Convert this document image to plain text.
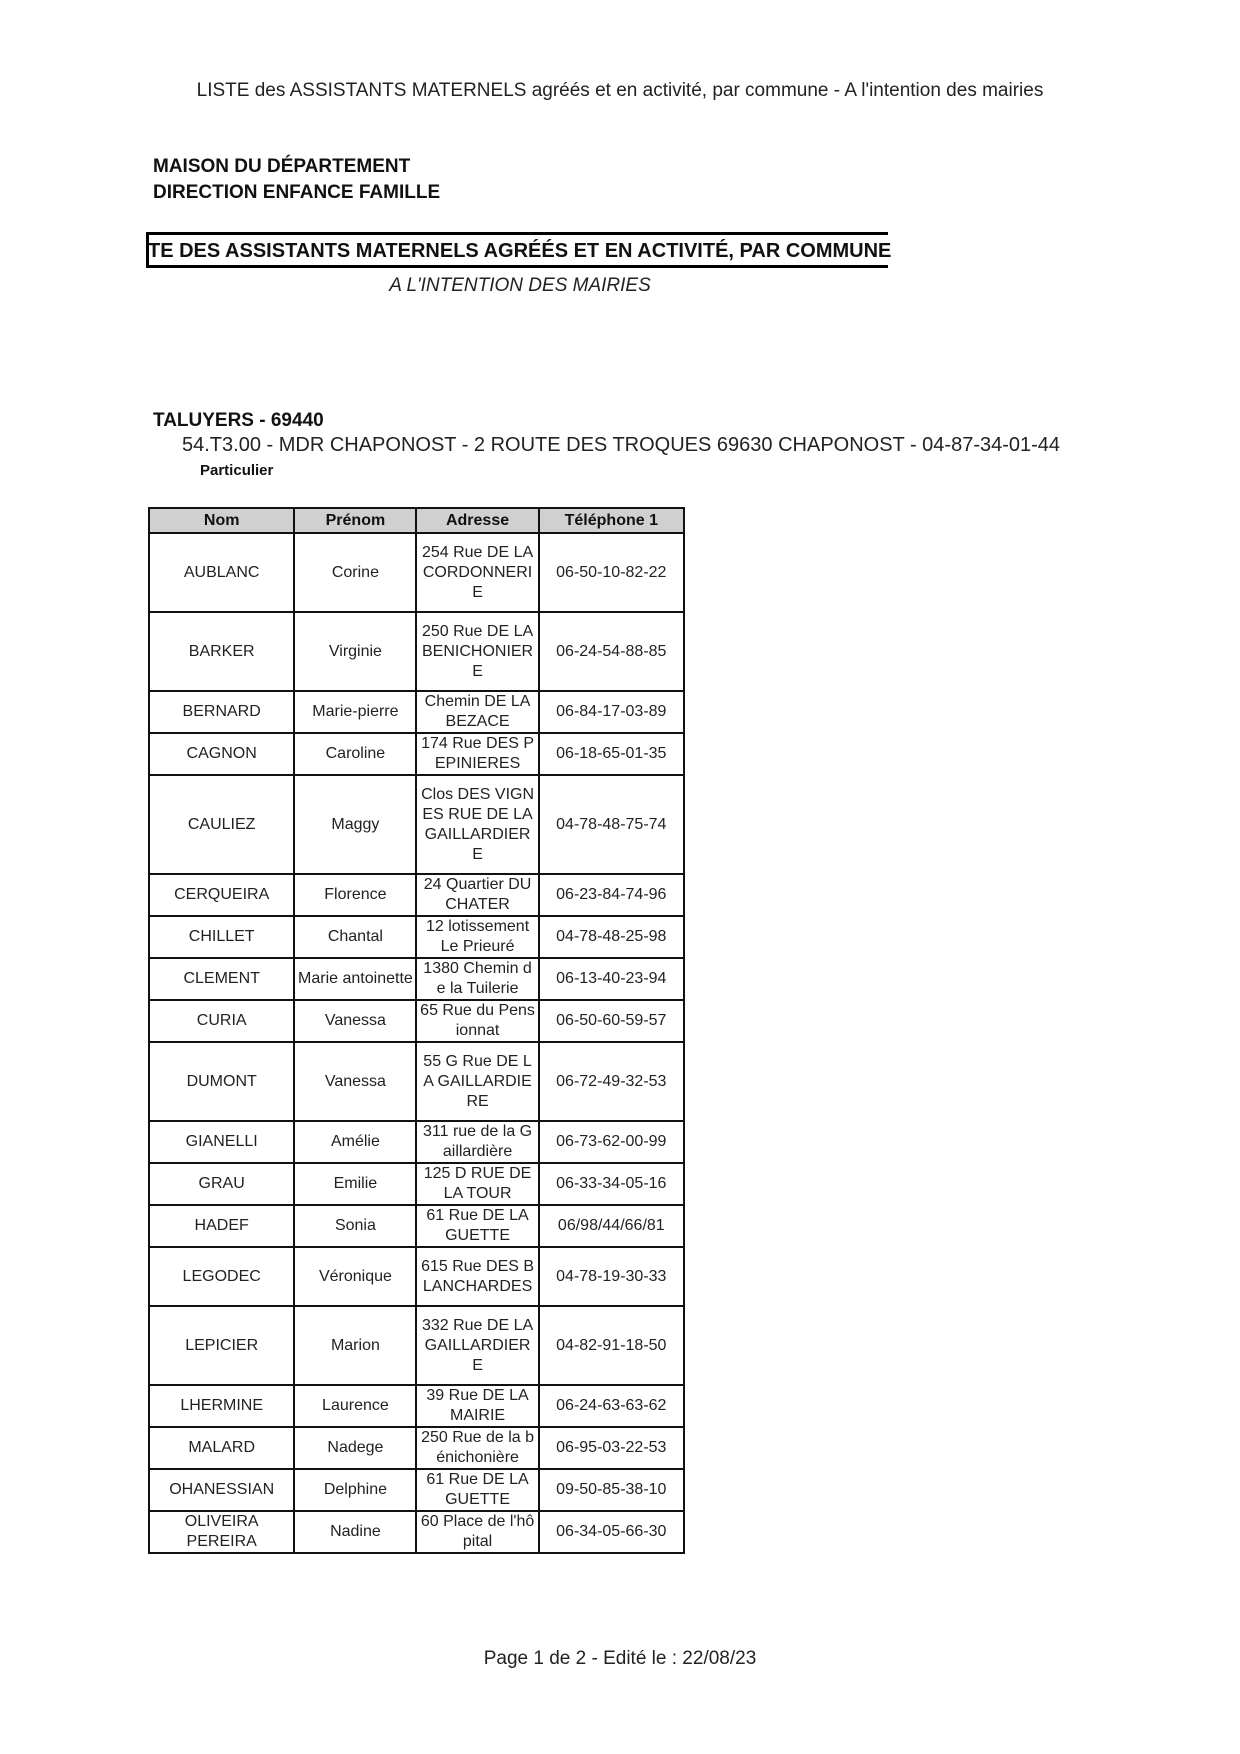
LISTE des ASSISTANTS MATERNELS agréés et en activité, par commune - A l'intention des mairies
MAISON DU DÉPARTEMENT
DIRECTION ENFANCE FAMILLE
TE DES ASSISTANTS MATERNELS AGRÉÉS ET EN ACTIVITÉ, PAR COMMUNE
A L'INTENTION DES MAIRIES
TALUYERS - 69440
54.T3.00 - MDR CHAPONOST - 2 ROUTE DES TROQUES 69630 CHAPONOST - 04-87-34-01-44
Particulier
Nom	Prénom	Adresse	Téléphone 1
AUBLANC	Corine	254 Rue DE LA CORDONNERIE	06-50-10-82-22
BARKER	Virginie	250 Rue DE LA BENICHONIERE	06-24-54-88-85
BERNARD	Marie-pierre	Chemin DE LA BEZACE	06-84-17-03-89
CAGNON	Caroline	174 Rue DES PEPINIERES	06-18-65-01-35
CAULIEZ	Maggy	Clos DES VIGNES RUE DE LA GAILLARDIERE	04-78-48-75-74
CERQUEIRA	Florence	24 Quartier DU CHATER	06-23-84-74-96
CHILLET	Chantal	12 lotissement Le Prieuré	04-78-48-25-98
CLEMENT	Marie antoinette	1380 Chemin de la Tuilerie	06-13-40-23-94
CURIA	Vanessa	65 Rue du Pensionnat	06-50-60-59-57
DUMONT	Vanessa	55 G Rue DE LA GAILLARDIERE	06-72-49-32-53
GIANELLI	Amélie	311 rue de la Gaillardière	06-73-62-00-99
GRAU	Emilie	125 D RUE DE LA TOUR	06-33-34-05-16
HADEF	Sonia	61 Rue DE LA GUETTE	06/98/44/66/81
LEGODEC	Véronique	615 Rue DES BLANCHARDES	04-78-19-30-33
LEPICIER	Marion	332 Rue DE LA GAILLARDIERE	04-82-91-18-50
LHERMINE	Laurence	39 Rue DE LA MAIRIE	06-24-63-63-62
MALARD	Nadege	250 Rue de la bénichonière	06-95-03-22-53
OHANESSIAN	Delphine	61 Rue DE LA GUETTE	09-50-85-38-10
OLIVEIRA PEREIRA	Nadine	60 Place de l'hôpital	06-34-05-66-30
Page 1 de 2 - Edité le : 22/08/23
